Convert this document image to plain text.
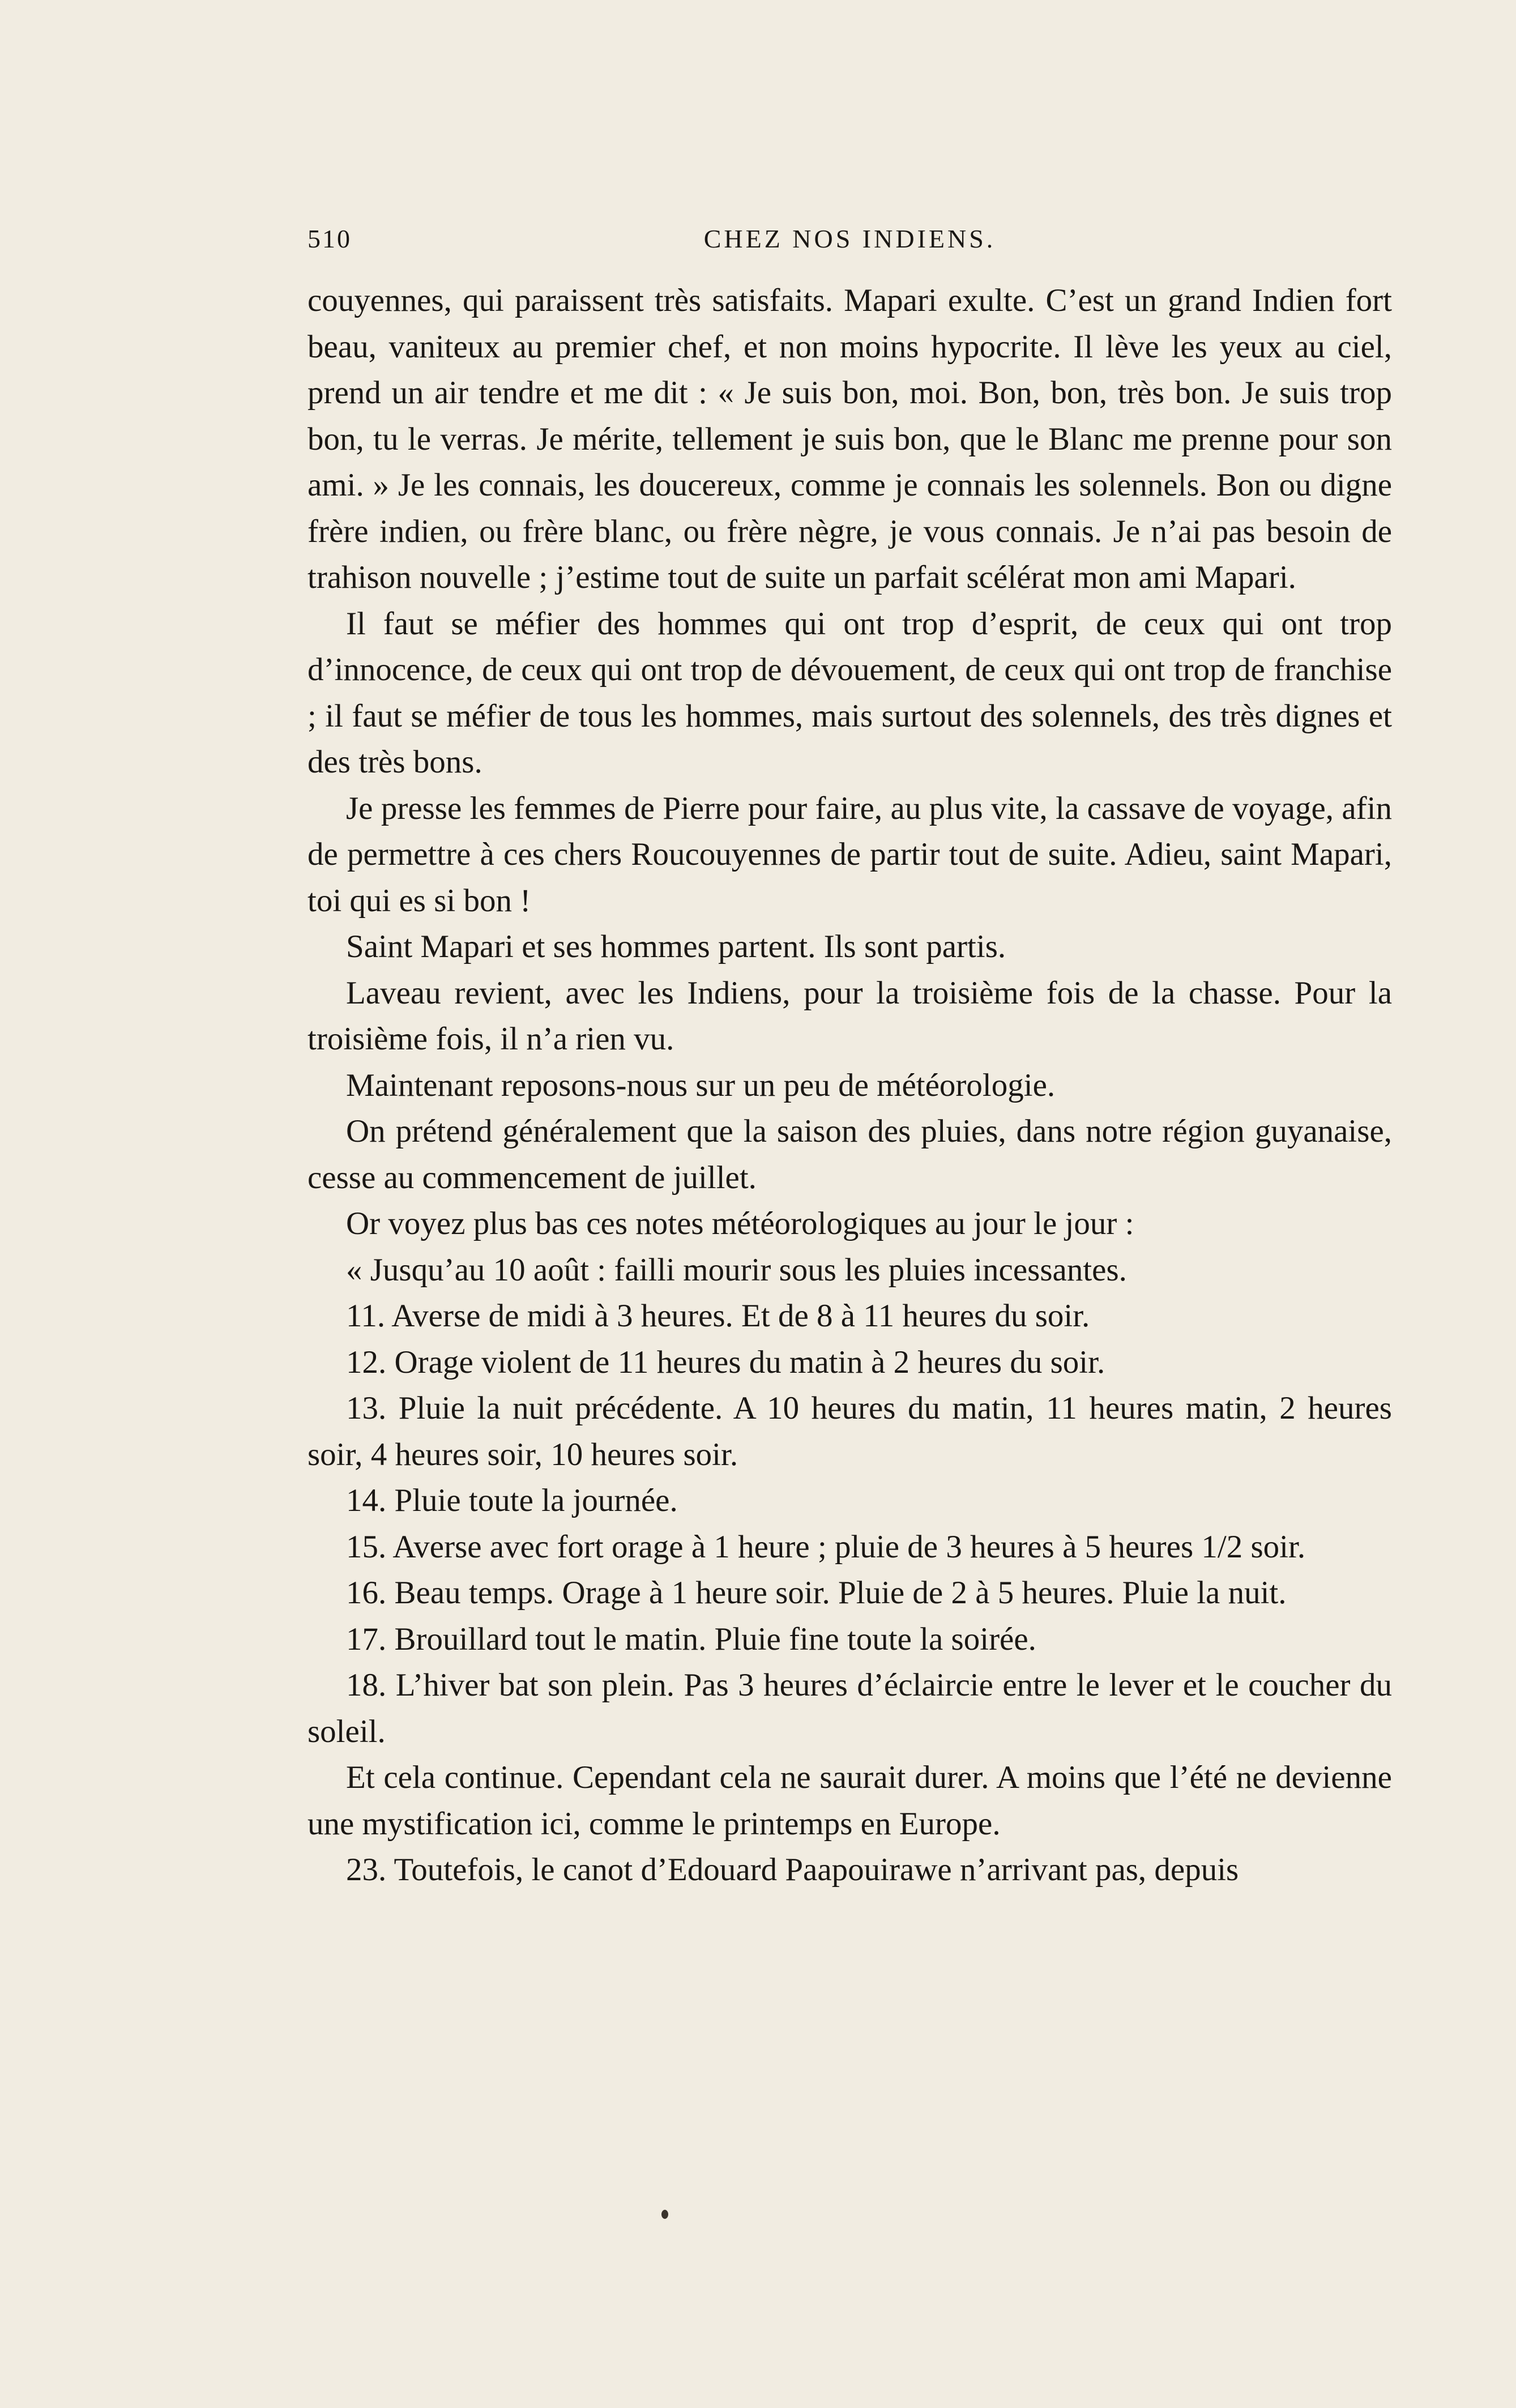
510	CHEZ NOS INDIENS.

couyennes, qui paraissent très satisfaits. Mapari exulte. C’est un grand Indien fort beau, vaniteux au premier chef, et non moins hypocrite. Il lève les yeux au ciel, prend un air tendre et me dit : « Je suis bon, moi. Bon, bon, très bon. Je suis trop bon, tu le verras. Je mérite, tellement je suis bon, que le Blanc me prenne pour son ami. » Je les connais, les doucereux, comme je connais les solennels. Bon ou digne frère indien, ou frère blanc, ou frère nègre, je vous connais. Je n’ai pas besoin de trahison nouvelle ; j’estime tout de suite un parfait scélérat mon ami Mapari.

Il faut se méfier des hommes qui ont trop d’esprit, de ceux qui ont trop d’innocence, de ceux qui ont trop de dévouement, de ceux qui ont trop de franchise ; il faut se méfier de tous les hommes, mais surtout des solennels, des très dignes et des très bons.

Je presse les femmes de Pierre pour faire, au plus vite, la cassave de voyage, afin de permettre à ces chers Roucouyennes de partir tout de suite. Adieu, saint Mapari, toi qui es si bon !

Saint Mapari et ses hommes partent. Ils sont partis.

Laveau revient, avec les Indiens, pour la troisième fois de la chasse. Pour la troisième fois, il n’a rien vu.

Maintenant reposons-nous sur un peu de météorologie.

On prétend généralement que la saison des pluies, dans notre région guyanaise, cesse au commencement de juillet.

Or voyez plus bas ces notes météorologiques au jour le jour :

« Jusqu’au 10 août : failli mourir sous les pluies incessantes.

11. Averse de midi à 3 heures. Et de 8 à 11 heures du soir.

12. Orage violent de 11 heures du matin à 2 heures du soir.

13. Pluie la nuit précédente. A 10 heures du matin, 11 heures matin, 2 heures soir, 4 heures soir, 10 heures soir.

14. Pluie toute la journée.

15. Averse avec fort orage à 1 heure ; pluie de 3 heures à 5 heures 1/2 soir.

16. Beau temps. Orage à 1 heure soir. Pluie de 2 à 5 heures. Pluie la nuit.

17. Brouillard tout le matin. Pluie fine toute la soirée.

18. L’hiver bat son plein. Pas 3 heures d’éclaircie entre le lever et le coucher du soleil.

Et cela continue. Cependant cela ne saurait durer. A moins que l’été ne devienne une mystification ici, comme le printemps en Europe.

23. Toutefois, le canot d’Edouard Paapouirawe n’arrivant pas, depuis
